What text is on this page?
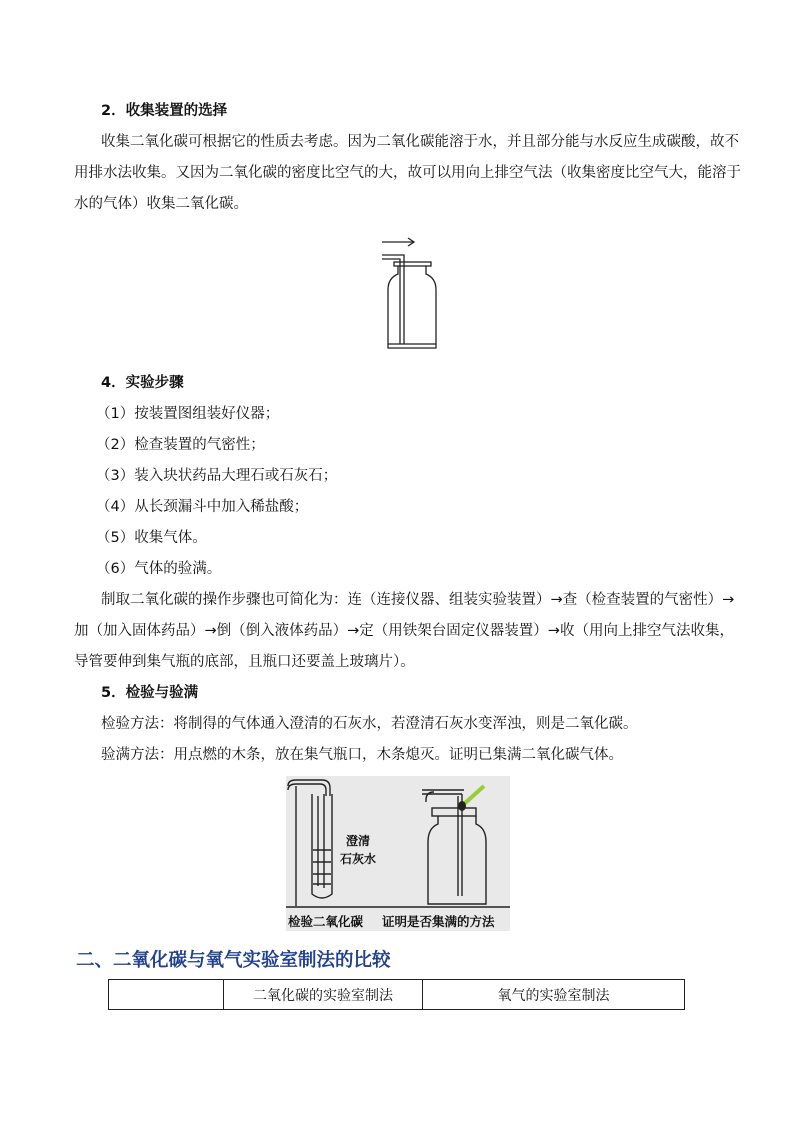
2．收集装置的选择
收集二氧化碳可根据它的性质去考虑。因为二氧化碳能溶于水，并且部分能与水反应生成碳酸，故不
用排水法收集。又因为二氧化碳的密度比空气的大，故可以用向上排空气法（收集密度比空气大，能溶于
水的气体）收集二氧化碳。
4．实验步骤
（1）按装置图组装好仪器；
（2）检查装置的气密性；
（3）装入块状药品大理石或石灰石；
（4）从长颈漏斗中加入稀盐酸；
（5）收集气体。
（6）气体的验满。
制取二氧化碳的操作步骤也可简化为：连（连接仪器、组装实验装置）→查（检查装置的气密性）→
加（加入固体药品）→倒（倒入液体药品）→定（用铁架台固定仪器装置）→收（用向上排空气法收集，
导管要伸到集气瓶的底部，且瓶口还要盖上玻璃片）。
5．检验与验满
检验方法：将制得的气体通入澄清的石灰水，若澄清石灰水变浑浊，则是二氧化碳。
验满方法：用点燃的木条，放在集气瓶口，木条熄灭。证明已集满二氧化碳气体。
澄清
石灰水
检验二氧化碳 证明是否集满的方法
二、二氧化碳与氧气实验室制法的比较
	二氧化碳的实验室制法	氧气的实验室制法
